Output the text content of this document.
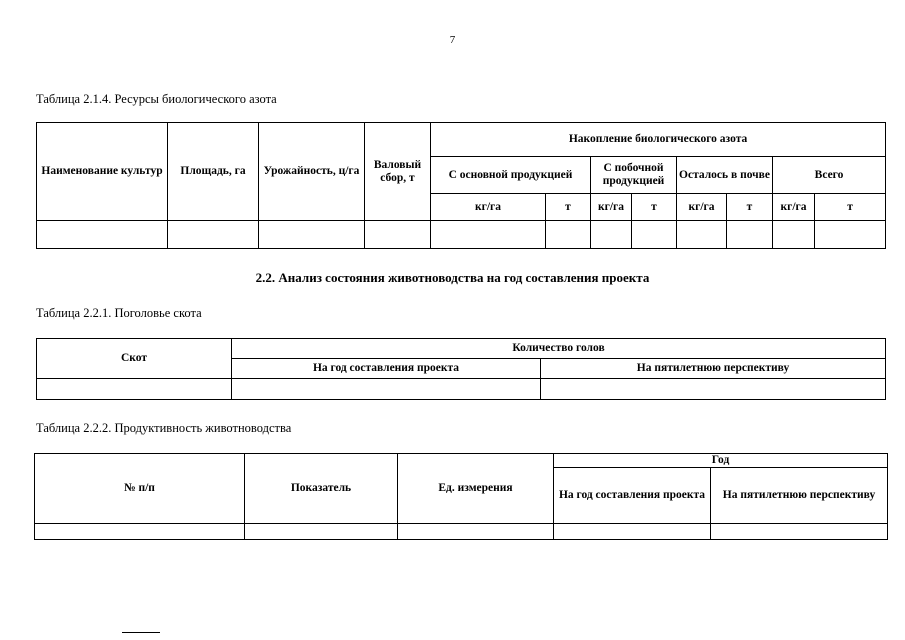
7
Таблица 2.1.4. Ресурсы биологического азота
Наименование культур	Площадь, га	Урожайность, ц/га	Валовый сбор, т	Накопление биологического азота							
				С основной продукцией		С побочной продукцией		Осталось в почве		Всего	
				кг/га	т	кг/га	т	кг/га	т	кг/га	т

2.2. Анализ состояния животноводства на год составления проекта
Таблица 2.2.1. Поголовье скота
Скот	Количество голов	
	На год составления проекта	На пятилетнюю перспективу

Таблица 2.2.2. Продуктивность животноводства
№ п/п	Показатель	Ед. измерения	Год	
			На год составления проекта	На пятилетнюю перспективу
